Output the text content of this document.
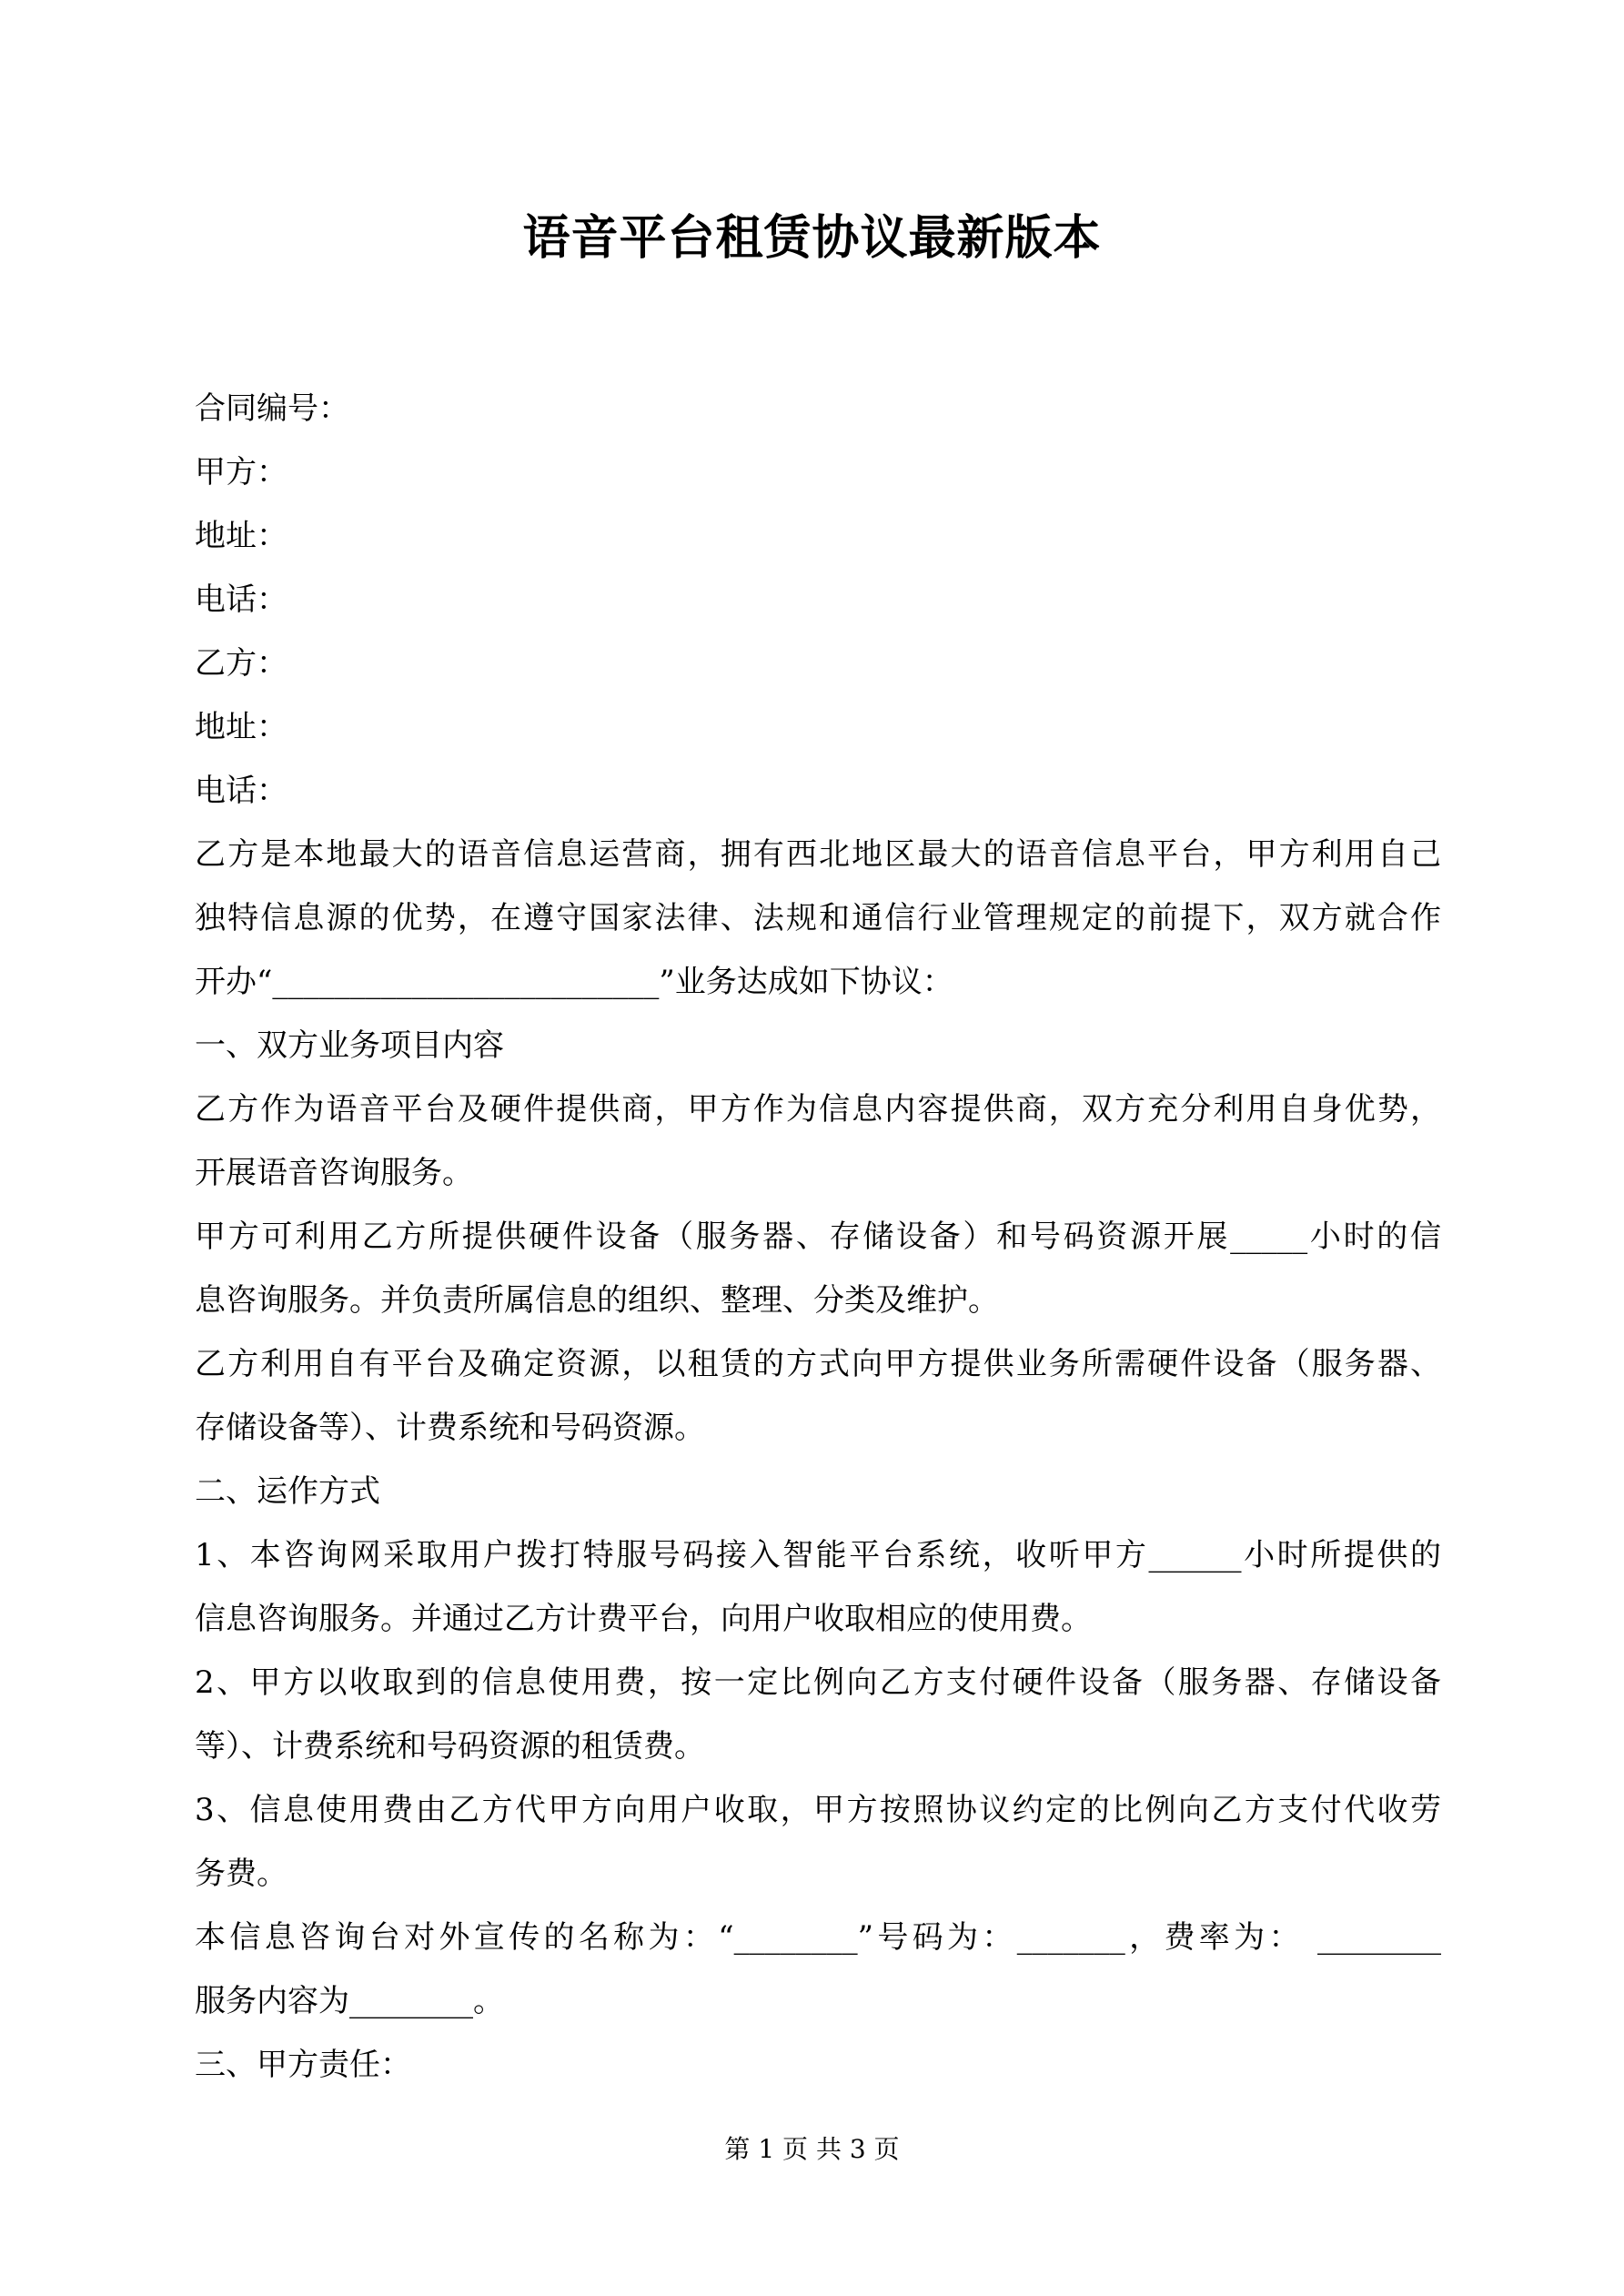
语音平台租赁协议最新版本
合同编号：
甲方：
地址：
电话：
乙方：
地址：
电话：
乙方是本地最大的语音信息运营商，拥有西北地区最大的语音信息平台，甲方利用自己
独特信息源的优势，在遵守国家法律、法规和通信行业管理规定的前提下，双方就合作
开办“_________________________”业务达成如下协议：
一、双方业务项目内容
乙方作为语音平台及硬件提供商，甲方作为信息内容提供商，双方充分利用自身优势，
开展语音咨询服务。
甲方可利用乙方所提供硬件设备（服务器、存储设备）和号码资源开展_____小时的信
息咨询服务。并负责所属信息的组织、整理、分类及维护。
乙方利用自有平台及确定资源，以租赁的方式向甲方提供业务所需硬件设备（服务器、
存储设备等）、计费系统和号码资源。
二、运作方式
1、本咨询网采取用户拨打特服号码接入智能平台系统，收听甲方______小时所提供的
信息咨询服务。并通过乙方计费平台，向用户收取相应的使用费。
2、甲方以收取到的信息使用费，按一定比例向乙方支付硬件设备（服务器、存储设备
等）、计费系统和号码资源的租赁费。
3、信息使用费由乙方代甲方向用户收取，甲方按照协议约定的比例向乙方支付代收劳
务费。
本信息咨询台对外宣传的名称为：“________”号码为：_______，费率为： ________
服务内容为________。
三、甲方责任：
第 1 页 共 3 页
